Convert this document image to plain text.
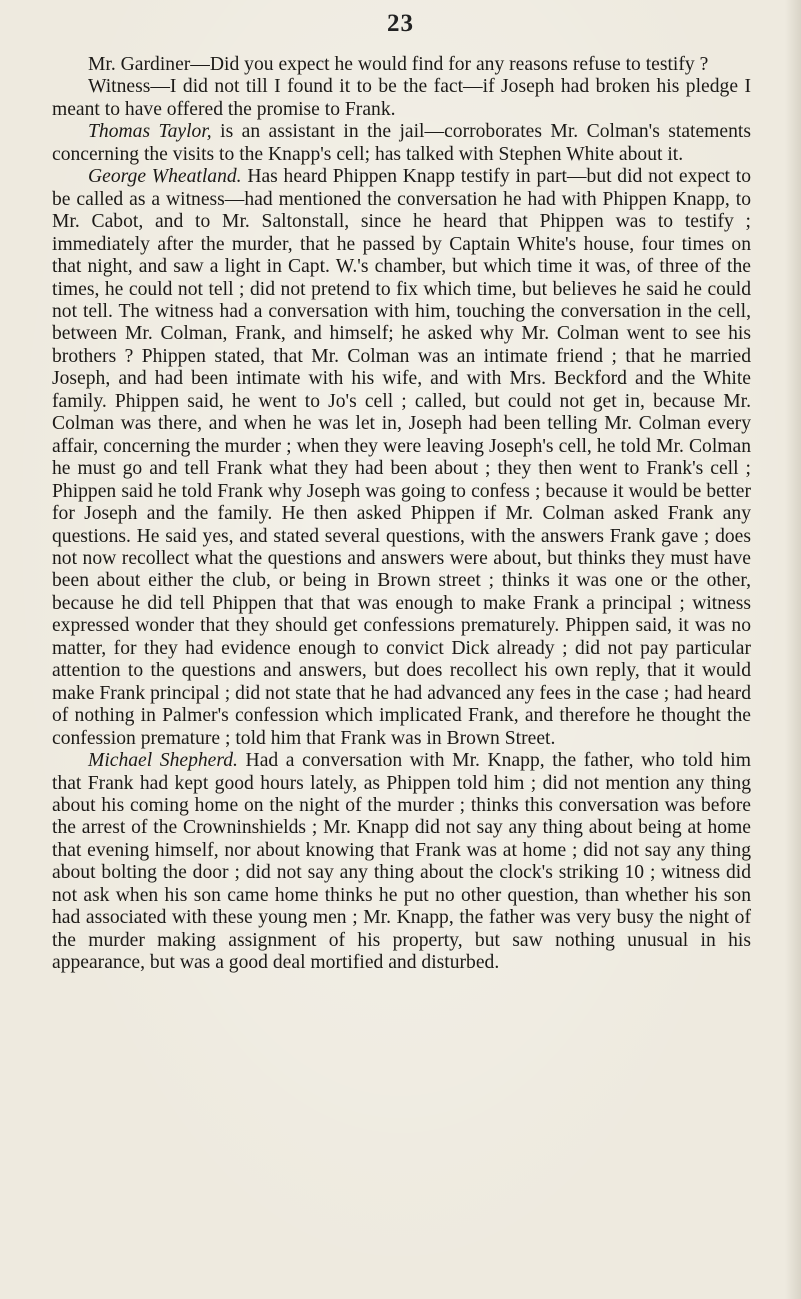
23

Mr. Gardiner—Did you expect he would find for any reasons refuse to testify ?

Witness—I did not till I found it to be the fact—if Joseph had broken his pledge I meant to have offered the promise to Frank.

Thomas Taylor, is an assistant in the jail—corroborates Mr. Colman's statements concerning the visits to the Knapp's cell; has talked with Stephen White about it.

George Wheatland. Has heard Phippen Knapp testify in part—but did not expect to be called as a witness—had mentioned the conversation he had with Phippen Knapp, to Mr. Cabot, and to Mr. Saltonstall, since he heard that Phippen was to testify ; immediately after the murder, that he passed by Captain White's house, four times on that night, and saw a light in Capt. W.'s chamber, but which time it was, of three of the times, he could not tell ; did not pretend to fix which time, but believes he said he could not tell. The witness had a conversation with him, touching the conversation in the cell, between Mr. Colman, Frank, and himself; he asked why Mr. Colman went to see his brothers ? Phippen stated, that Mr. Colman was an intimate friend ; that he married Joseph, and had been intimate with his wife, and with Mrs. Beckford and the White family. Phippen said, he went to Jo's cell ; called, but could not get in, because Mr. Colman was there, and when he was let in, Joseph had been telling Mr. Colman every affair, concerning the murder ; when they were leaving Joseph's cell, he told Mr. Colman he must go and tell Frank what they had been about ; they then went to Frank's cell ; Phippen said he told Frank why Joseph was going to confess ; because it would be better for Joseph and the family. He then asked Phippen if Mr. Colman asked Frank any questions. He said yes, and stated several questions, with the answers Frank gave ; does not now recollect what the questions and answers were about, but thinks they must have been about either the club, or being in Brown street ; thinks it was one or the other, because he did tell Phippen that that was enough to make Frank a principal ; witness expressed wonder that they should get confessions prematurely. Phippen said, it was no matter, for they had evidence enough to convict Dick already ; did not pay particular attention to the questions and answers, but does recollect his own reply, that it would make Frank principal ; did not state that he had advanced any fees in the case ; had heard of nothing in Palmer's confession which implicated Frank, and therefore he thought the confession premature ; told him that Frank was in Brown Street.

Michael Shepherd. Had a conversation with Mr. Knapp, the father, who told him that Frank had kept good hours lately, as Phippen told him ; did not mention any thing about his coming home on the night of the murder ; thinks this conversation was before the arrest of the Crowninshields ; Mr. Knapp did not say any thing about being at home that evening himself, nor about knowing that Frank was at home ; did not say any thing about bolting the door ; did not say any thing about the clock's striking 10 ; witness did not ask when his son came home thinks he put no other question, than whether his son had associated with these young men ; Mr. Knapp, the father was very busy the night of the murder making assignment of his property, but saw nothing unusual in his appearance, but was a good deal mortified and disturbed.
